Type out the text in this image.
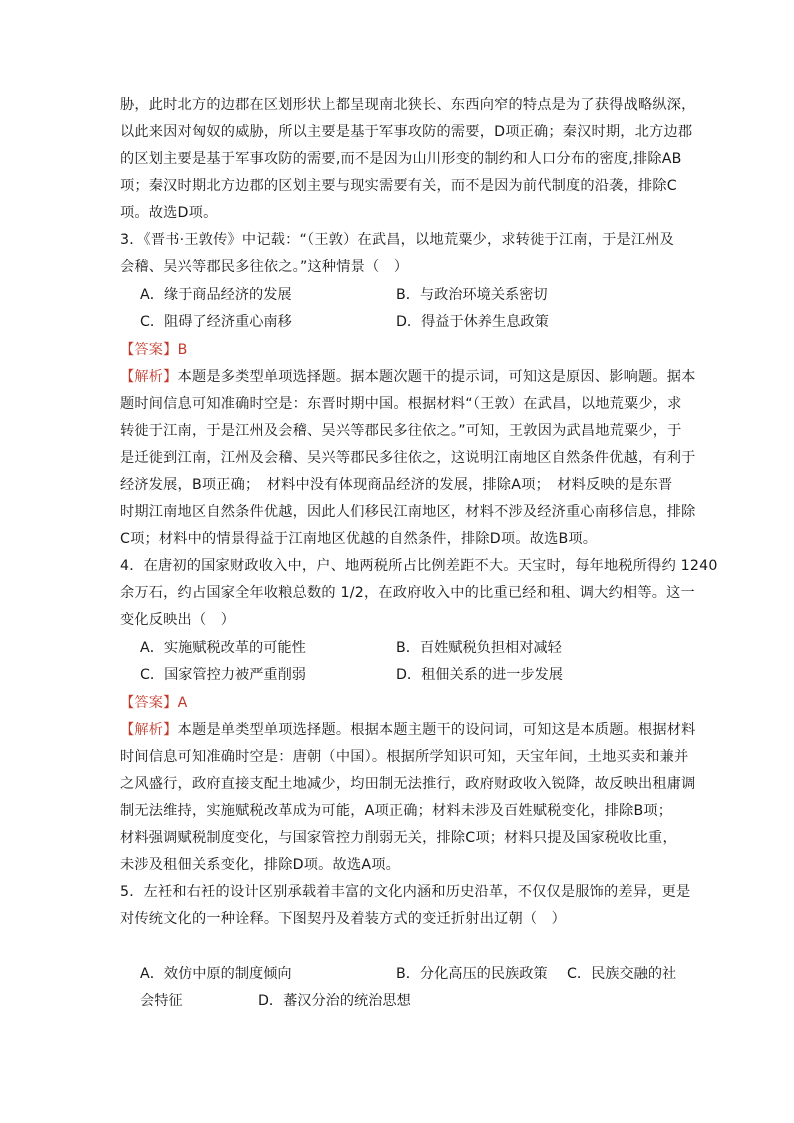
胁，此时北方的边郡在区划形状上都呈现南北狭长、东西向窄的特点是为了获得战略纵深，
以此来因对匈奴的威胁，所以主要是基于军事攻防的需要，D项正确；秦汉时期，北方边郡
的区划主要是基于军事攻防的需要,而不是因为山川形变的制约和人口分布的密度,排除AB
项；秦汉时期北方边郡的区划主要与现实需要有关，而不是因为前代制度的沿袭，排除C
项。故选D项。
3．《晋书·王敦传》中记载：“（王敦）在武昌，以地荒粟少，求转徙于江南，于是江州及
会稽、吴兴等郡民多往依之。”这种情景（　）
A．缘于商品经济的发展	B．与政治环境关系密切
C．阻碍了经济重心南移	D．得益于休养生息政策
【答案】B
【解析】本题是多类型单项选择题。据本题次题干的提示词，可知这是原因、影响题。据本
题时间信息可知准确时空是：东晋时期中国。根据材料“（王敦）在武昌，以地荒粟少，求
转徙于江南，于是江州及会稽、吴兴等郡民多往依之。”可知，王敦因为武昌地荒粟少，于
是迁徙到江南，江州及会稽、吴兴等郡民多往依之，这说明江南地区自然条件优越，有利于
经济发展，B项正确；　材料中没有体现商品经济的发展，排除A项；　材料反映的是东晋
时期江南地区自然条件优越，因此人们移民江南地区，材料不涉及经济重心南移信息，排除
C项；材料中的情景得益于江南地区优越的自然条件，排除D项。故选B项。
4．在唐初的国家财政收入中，户、地两税所占比例差距不大。天宝时，每年地税所得约 1240
余万石，约占国家全年收粮总数的 1/2，在政府收入中的比重已经和租、调大约相等。这一
变化反映出（　）
A．实施赋税改革的可能性	B．百姓赋税负担相对减轻
C．国家管控力被严重削弱	D．租佃关系的进一步发展
【答案】A
【解析】本题是单类型单项选择题。根据本题主题干的设问词，可知这是本质题。根据材料
时间信息可知准确时空是：唐朝（中国）。根据所学知识可知，天宝年间，土地买卖和兼并
之风盛行，政府直接支配土地减少，均田制无法推行，政府财政收入锐降，故反映出租庸调
制无法维持，实施赋税改革成为可能，A项正确；材料未涉及百姓赋税变化，排除B项；
材料强调赋税制度变化，与国家管控力削弱无关，排除C项；材料只提及国家税收比重，
未涉及租佃关系变化，排除D项。故选A项。
5．左衽和右衽的设计区别承载着丰富的文化内涵和历史沿革，不仅仅是服饰的差异，更是
对传统文化的一种诠释。下图契丹及着装方式的变迁折射出辽朝（　）
A．效仿中原的制度倾向	B．分化高压的民族政策 C．民族交融的社
会特征	D．蕃汉分治的统治思想
